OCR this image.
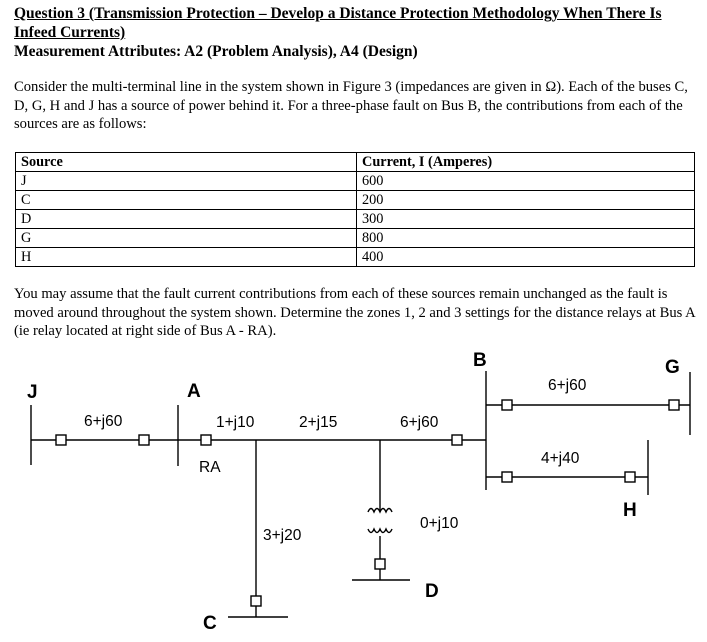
Question 3 (Transmission Protection – Develop a Distance Protection Methodology When There Is Infeed Currents)
Measurement Attributes: A2 (Problem Analysis), A4 (Design)
Consider the multi-terminal line in the system shown in Figure 3 (impedances are given in Ω). Each of the buses C, D, G, H and J has a source of power behind it. For a three-phase fault on Bus B, the contributions from each of the sources are as follows:
Source	Current, I (Amperes)
J	600
C	200
D	300
G	800
H	400
You may assume that the fault current contributions from each of these sources remain unchanged as the fault is moved around throughout the system shown. Determine the zones 1, 2 and 3 settings for the distance relays at Bus A (ie relay located at right side of Bus A - RA).
J	A
B	G
H
D
C
RA
6+j60	1+j10	2+j15	6+j60
3+j20
0+j10
6+j60
4+j40
